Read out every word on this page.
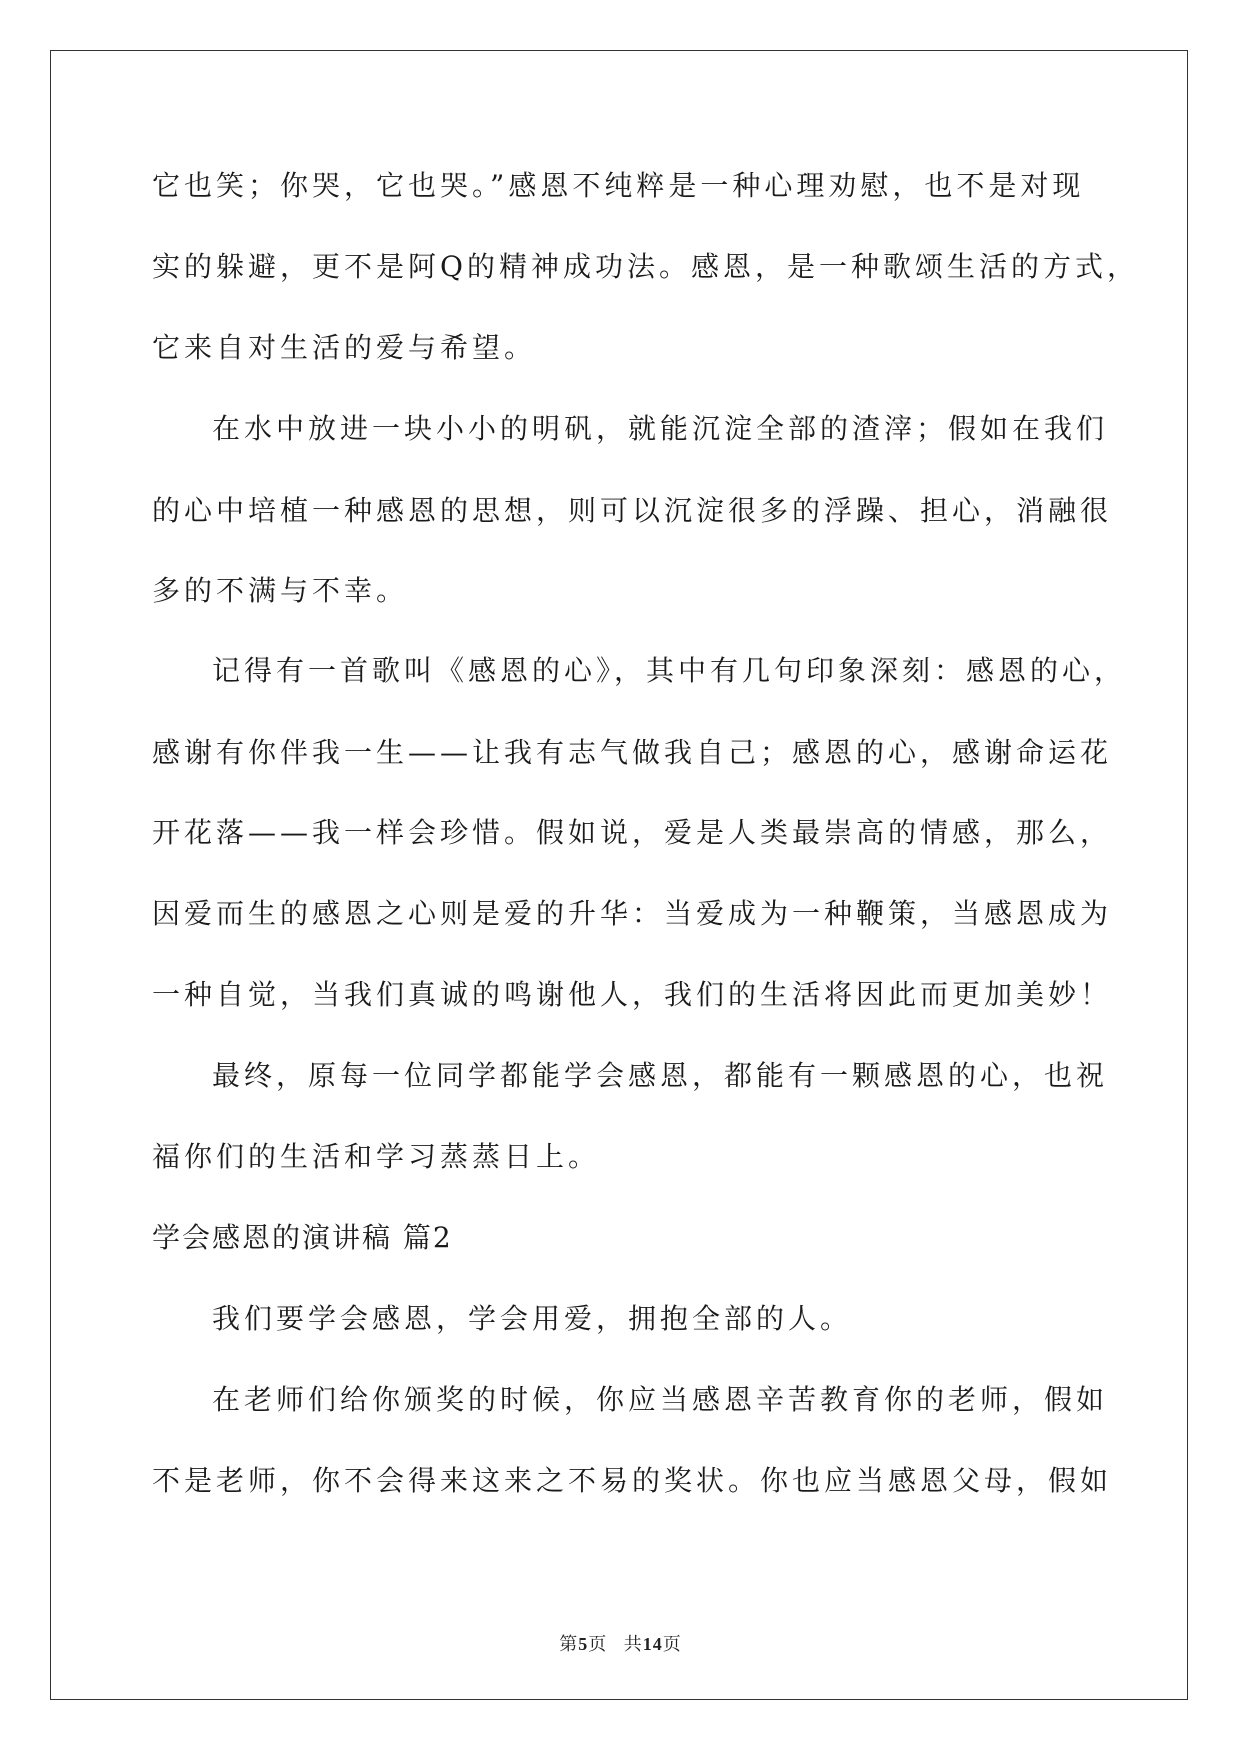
它也笑；你哭，它也哭。”感恩不纯粹是一种心理劝慰，也不是对现
实的躲避，更不是阿Q的精神成功法。感恩，是一种歌颂生活的方式，
它来自对生活的爱与希望。
在水中放进一块小小的明矾，就能沉淀全部的渣滓；假如在我们
的心中培植一种感恩的思想，则可以沉淀很多的浮躁、担心，消融很
多的不满与不幸。
记得有一首歌叫《感恩的心》，其中有几句印象深刻：感恩的心，
感谢有你伴我一生——让我有志气做我自己；感恩的心，感谢命运花
开花落——我一样会珍惜。假如说，爱是人类最崇高的情感，那么，
因爱而生的感恩之心则是爱的升华：当爱成为一种鞭策，当感恩成为
一种自觉，当我们真诚的鸣谢他人，我们的生活将因此而更加美妙！
最终，原每一位同学都能学会感恩，都能有一颗感恩的心，也祝
福你们的生活和学习蒸蒸日上。
学会感恩的演讲稿 篇2
我们要学会感恩，学会用爱，拥抱全部的人。
在老师们给你颁奖的时候，你应当感恩辛苦教育你的老师，假如
不是老师，你不会得来这来之不易的奖状。你也应当感恩父母，假如
第5页 共14页
